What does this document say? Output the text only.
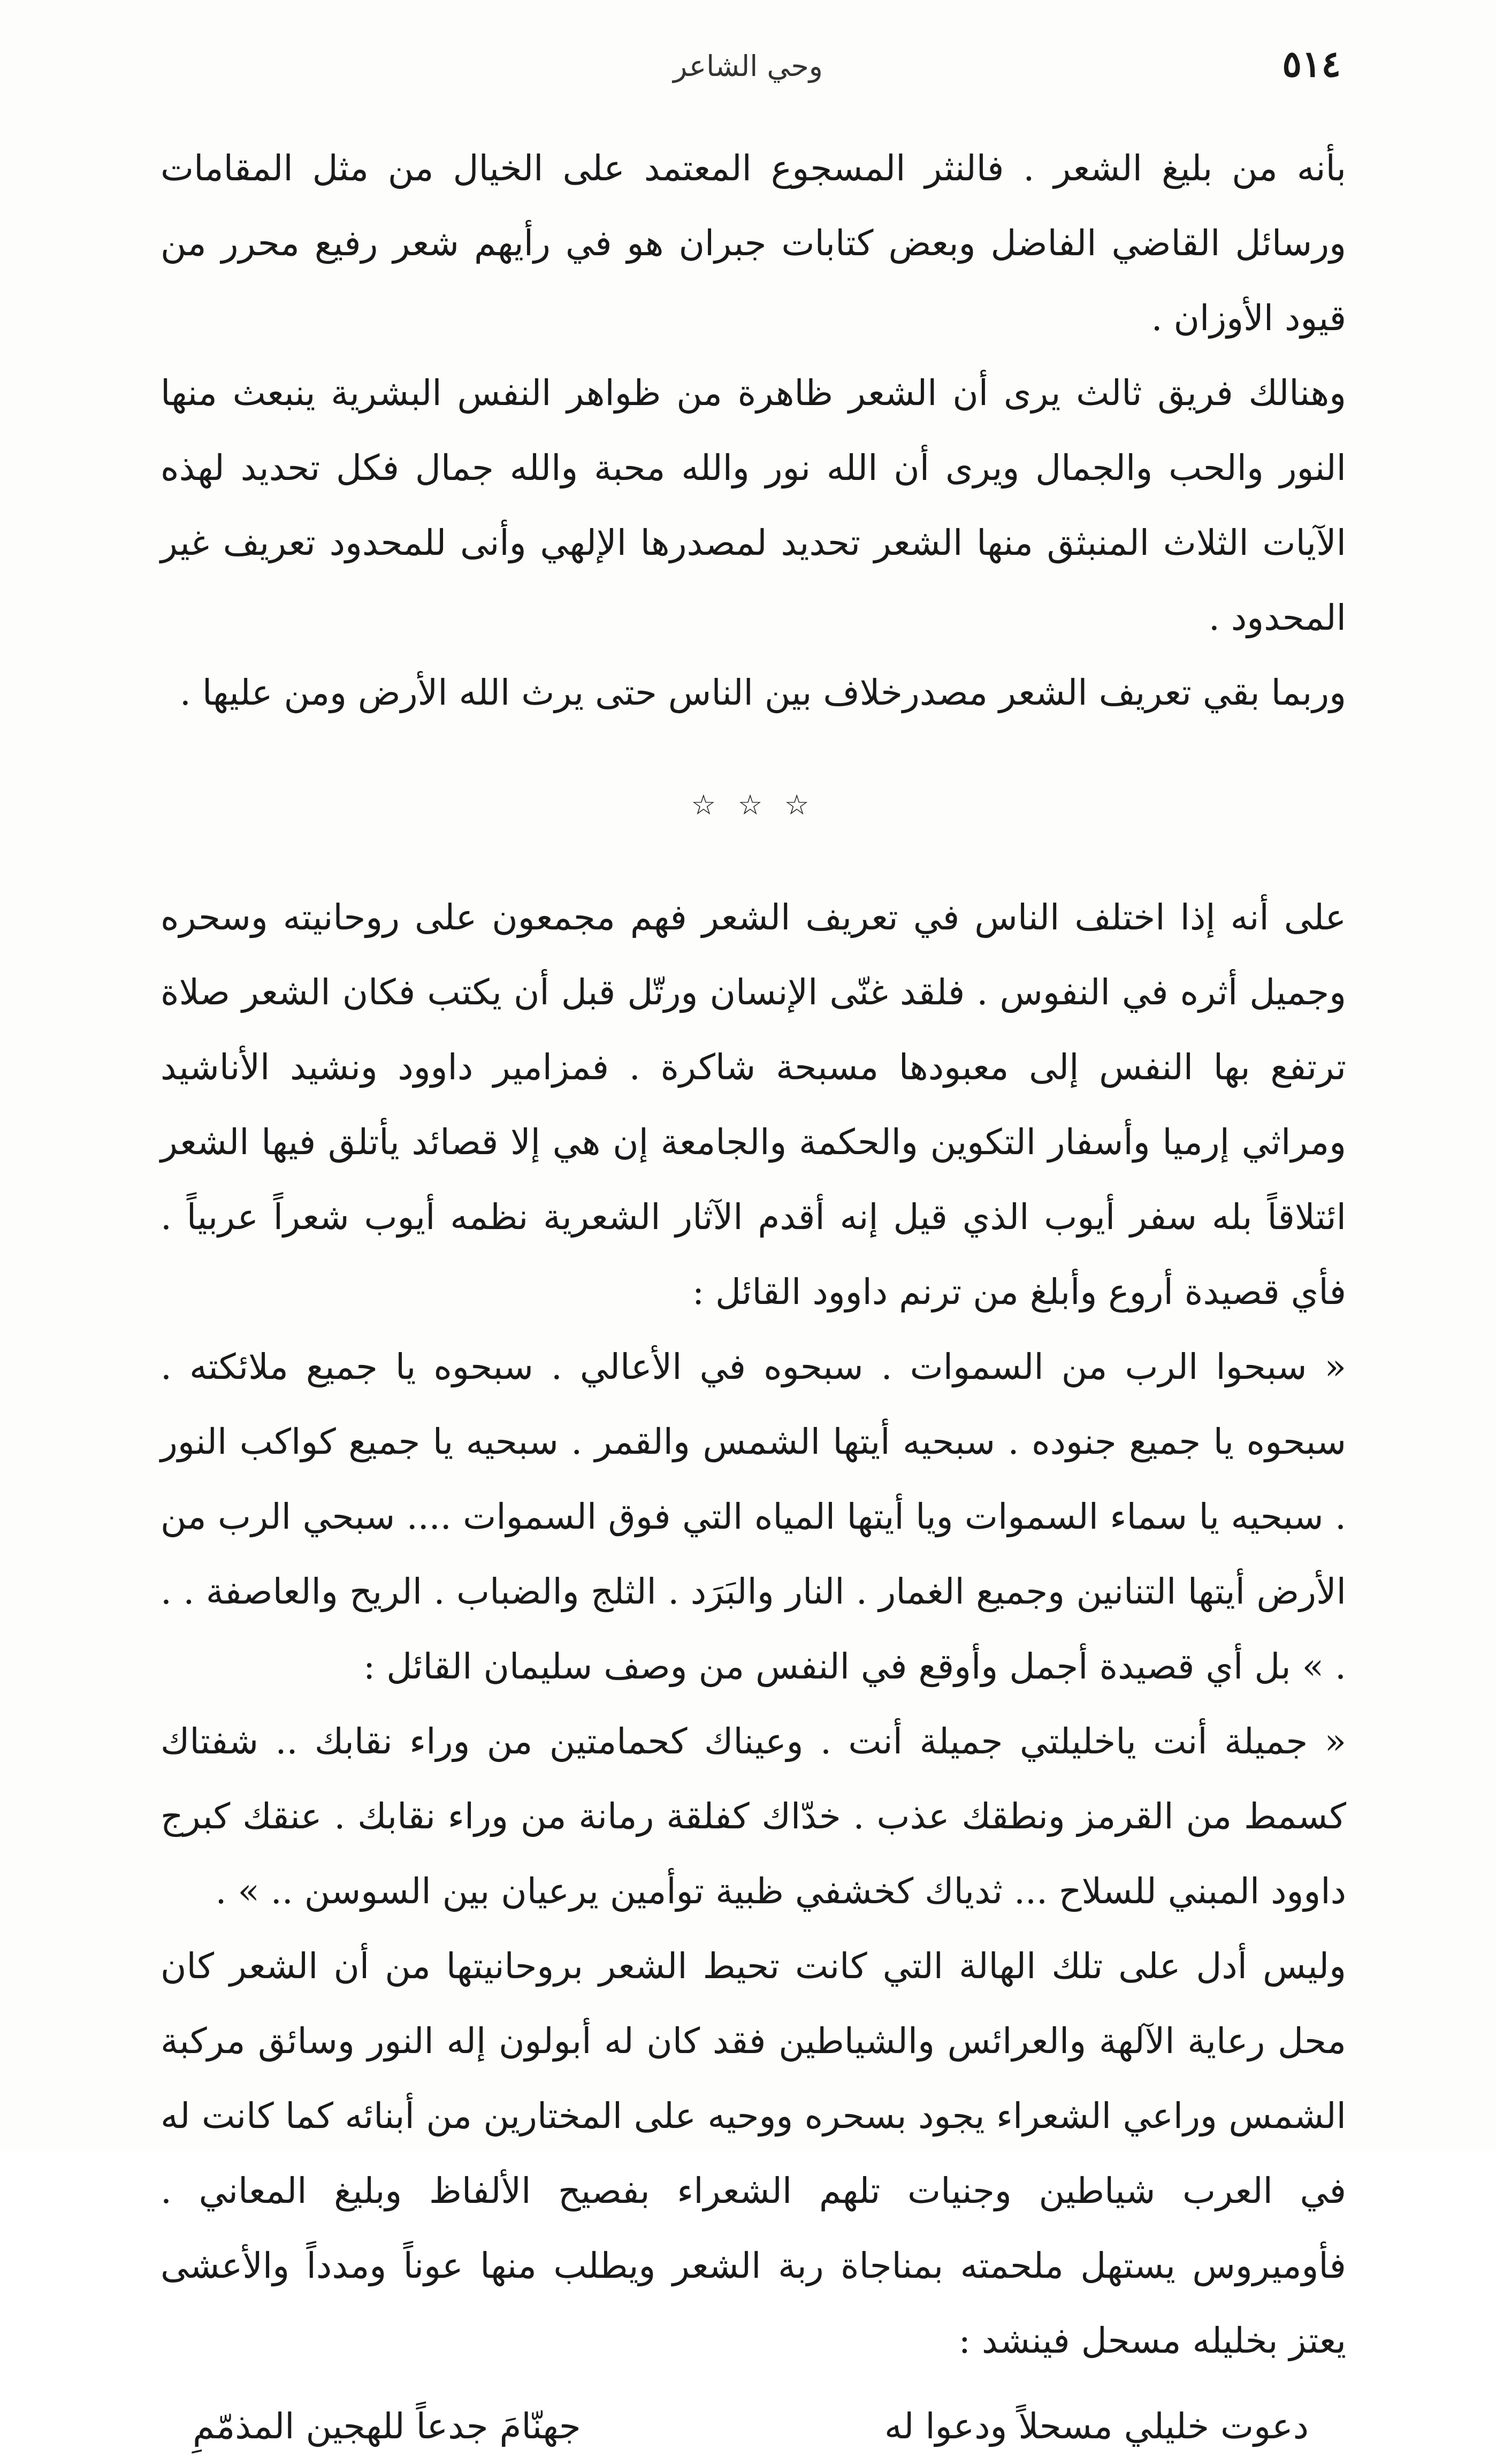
٥١٤
وحي الشاعر

بأنه من بليغ الشعر . فالنثر المسجوع المعتمد على الخيال من مثل المقامات ورسائل القاضي الفاضل وبعض كتابات جبران هو في رأيهم شعر رفيع محرر من قيود الأوزان .

وهنالك فريق ثالث يرى أن الشعر ظاهرة من ظواهر النفس البشرية ينبعث منها النور والحب والجمال ويرى أن الله نور والله محبة والله جمال فكل تحديد لهذه الآيات الثلاث المنبثق منها الشعر تحديد لمصدرها الإلهي وأنى للمحدود تعريف غير المحدود .

وربما بقي تعريف الشعر مصدرخلاف بين الناس حتى يرث الله الأرض ومن عليها .

☆ ☆ ☆

على أنه إذا اختلف الناس في تعريف الشعر فهم مجمعون على روحانيته وسحره وجميل أثره في النفوس . فلقد غنّى الإنسان ورتّل قبل أن يكتب فكان الشعر صلاة ترتفع بها النفس إلى معبودها مسبحة شاكرة . فمزامير داوود ونشيد الأناشيد ومراثي إرميا وأسفار التكوين والحكمة والجامعة إن هي إلا قصائد يأتلق فيها الشعر ائتلاقاً بله سفر أيوب الذي قيل إنه أقدم الآثار الشعرية نظمه أيوب شعراً عربياً . فأي قصيدة أروع وأبلغ من ترنم داوود القائل :

« سبحوا الرب من السموات . سبحوه في الأعالي . سبحوه يا جميع ملائكته . سبحوه يا جميع جنوده . سبحيه أيتها الشمس والقمر . سبحيه يا جميع كواكب النور . سبحيه يا سماء السموات ويا أيتها المياه التي فوق السموات .... سبحي الرب من الأرض أيتها التنانين وجميع الغمار . النار والبَرَد . الثلج والضباب . الريح والعاصفة . . . » بل أي قصيدة أجمل وأوقع في النفس من وصف سليمان القائل :

« جميلة أنت ياخليلتي جميلة أنت . وعيناك كحمامتين من وراء نقابك .. شفتاك كسمط من القرمز ونطقك عذب . خدّاك كفلقة رمانة من وراء نقابك . عنقك كبرج داوود المبني للسلاح ... ثدياك كخشفي ظبية توأمين يرعيان بين السوسن .. » .

وليس أدل على تلك الهالة التي كانت تحيط الشعر بروحانيتها من أن الشعر كان محل رعاية الآلهة والعرائس والشياطين فقد كان له أبولون إله النور وسائق مركبة الشمس وراعي الشعراء يجود بسحره ووحيه على المختارين من أبنائه كما كانت له في العرب شياطين وجنيات تلهم الشعراء بفصيح الألفاظ وبليغ المعاني . فأوميروس يستهل ملحمته بمناجاة ربة الشعر ويطلب منها عوناً ومدداً والأعشى يعتز بخليله مسحل فينشد :

دعوت خليلي مسحلاً ودعوا له
جهنّامَ جدعاً للهجين المذمّمِ
